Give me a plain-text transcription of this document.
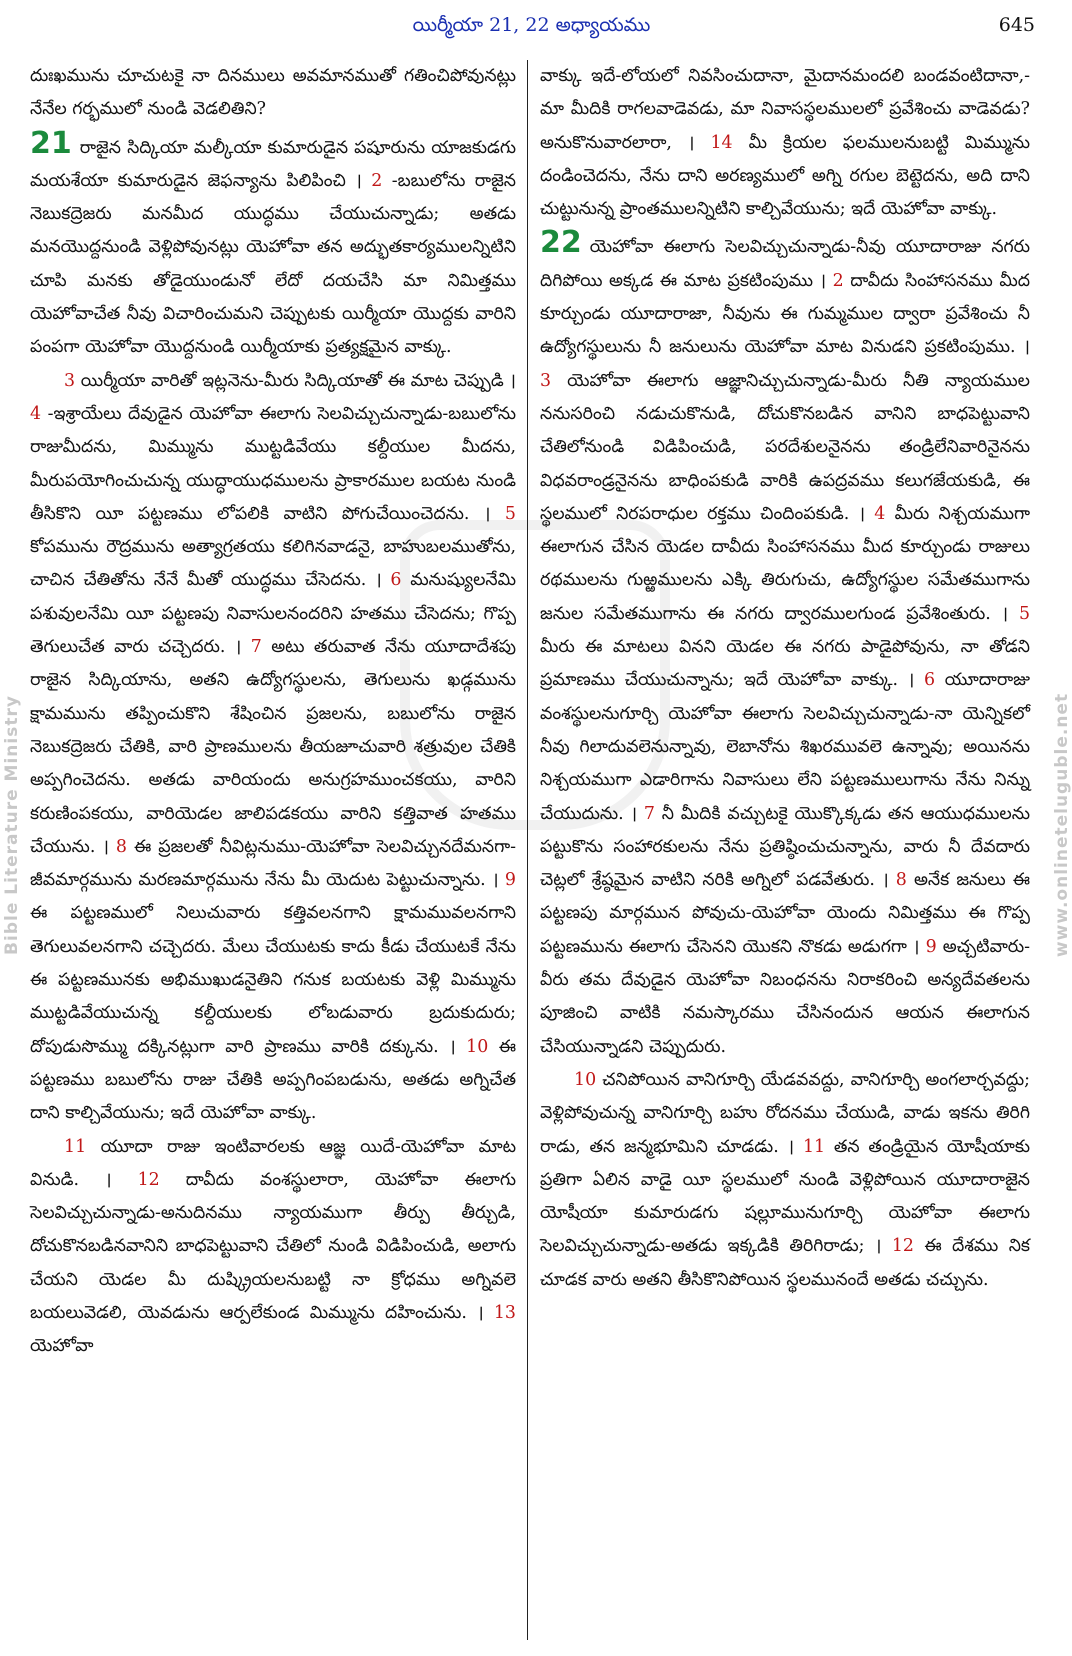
యిర్మీయా 21, 22 అధ్యాయము	645
Bible Literature Ministry	www.onlineteluguble.net

దుఃఖమును చూచుటకై నా దినములు అవమానముతో గతించిపోవునట్లు నేనేల గర్భములో నుండి వెడలితిని?

21 రాజైన సిద్కియా మల్కీయా కుమారుడైన పషూరును యాజకుడగు మయశేయా కుమారుడైన జెఫన్యాను పిలిపించి । 2 -బబులోను రాజైన నెబుకద్రెజరు మనమీద యుద్ధము చేయుచున్నాడు; అతడు మనయొద్దనుండి వెళ్లిపోవునట్లు యెహోవా తన అద్భుతకార్యములన్నిటిని చూపి మనకు తోడైయుండునో లేదో దయచేసి మా నిమిత్తము యెహోవాచేత నీవు విచారించుమని చెప్పుటకు యిర్మీయా యొద్దకు వారిని పంపగా యెహోవా యొద్దనుండి యిర్మీయాకు ప్రత్యక్షమైన వాక్కు.

3 యిర్మీయా వారితో ఇట్లనెను-మీరు సిద్కియాతో ఈ మాట చెప్పుడి । 4 -ఇశ్రాయేలు దేవుడైన యెహోవా ఈలాగు సెలవిచ్చుచున్నాడు-బబులోను రాజుమీదను, మిమ్మును ముట్టడివేయు కల్దీయుల మీదను, మీరుపయోగించుచున్న యుద్ధాయుధములను ప్రాకారముల బయట నుండి తీసికొని యీ పట్టణము లోపలికి వాటిని పోగుచేయించెదను. । 5 కోపమును రౌద్రమును అత్యాగ్రతయు కలిగినవాడనై, బాహుబలముతోను, చాచిన చేతితోను నేనే మీతో యుద్ధము చేసెదను. । 6 మనుష్యులనేమి పశువులనేమి యీ పట్టణపు నివాసులనందరిని హతము చేసెదను; గొప్ప తెగులుచేత వారు చచ్చెదరు. । 7 అటు తరువాత నేను యూదాదేశపు రాజైన సిద్కియాను, అతని ఉద్యోగస్థులను, తెగులును ఖడ్గమును క్షామమును తప్పించుకొని శేషించిన ప్రజలను, బబులోను రాజైన నెబుకద్రెజరు చేతికి, వారి ప్రాణములను తీయజూచువారి శత్రువుల చేతికి అప్పగించెదను. అతడు వారియందు అనుగ్రహముంచకయు, వారిని కరుణింపకయు, వారియెడల జాలిపడకయు వారిని కత్తివాత హతము చేయును. । 8 ఈ ప్రజలతో నీవిట్లనుము-యెహోవా సెలవిచ్చునదేమనగా-జీవమార్గమును మరణమార్గమును నేను మీ యెదుట పెట్టుచున్నాను. । 9 ఈ పట్టణములో నిలుచువారు కత్తివలనగాని క్షామమువలనగాని తెగులువలనగాని చచ్చెదరు. మేలు చేయుటకు కాదు కీడు చేయుటకే నేను ఈ పట్టణమునకు అభిముఖుడనైతిని గనుక బయటకు వెళ్లి మిమ్మును ముట్టడివేయుచున్న కల్దీయులకు లోబడువారు బ్రదుకుదురు; దోపుడుసొమ్ము దక్కినట్లుగా వారి ప్రాణము వారికి దక్కును. । 10 ఈ పట్టణము బబులోను రాజు చేతికి అప్పగింపబడును, అతడు అగ్నిచేత దాని కాల్చివేయును; ఇదే యెహోవా వాక్కు.

11 యూదా రాజు ఇంటివారలకు ఆజ్ఞ యిదే-యెహోవా మాట వినుడి. । 12 దావీదు వంశస్థులారా, యెహోవా ఈలాగు సెలవిచ్చుచున్నాడు-అనుదినము న్యాయముగా తీర్పు తీర్చుడి, దోచుకొనబడినవానిని బాధపెట్టువాని చేతిలో నుండి విడిపించుడి, అలాగు చేయని యెడల మీ దుష్క్రియలనుబట్టి నా క్రోధము అగ్నివలె బయలువెడలి, యెవడును ఆర్పలేకుండ మిమ్మును దహించును. । 13 యెహోవా

వాక్కు ఇదే-లోయలో నివసించుదానా, మైదానమందలి బండవంటిదానా,-మా మీదికి రాగలవాడెవడు, మా నివాసస్థలములలో ప్రవేశించు వాడెవడు? అనుకొనువారలారా, । 14 మీ క్రియల ఫలములనుబట్టి మిమ్మును దండించెదను, నేను దాని అరణ్యములో అగ్ని రగుల బెట్టెదను, అది దాని చుట్టునున్న ప్రాంతములన్నిటిని కాల్చివేయును; ఇదే యెహోవా వాక్కు.

22 యెహోవా ఈలాగు సెలవిచ్చుచున్నాడు-నీవు యూదారాజు నగరు దిగిపోయి అక్కడ ఈ మాట ప్రకటింపుము । 2 దావీదు సింహాసనము మీద కూర్చుండు యూదారాజా, నీవును ఈ గుమ్మముల ద్వారా ప్రవేశించు నీ ఉద్యోగస్థులును నీ జనులును యెహోవా మాట వినుడని ప్రకటింపుము. । 3 యెహోవా ఈలాగు ఆజ్ఞానిచ్చుచున్నాడు-మీరు నీతి న్యాయముల ననుసరించి నడుచుకొనుడి, దోచుకొనబడిన వానిని బాధపెట్టువాని చేతిలోనుండి విడిపించుడి, పరదేశులనైనను తండ్రిలేనివారినైనను విధవరాండ్రనైనను బాధింపకుడి వారికి ఉపద్రవము కలుగజేయకుడి, ఈ స్థలములో నిరపరాధుల రక్తము చిందింపకుడి. । 4 మీరు నిశ్చయముగా ఈలాగున చేసిన యెడల దావీదు సింహాసనము మీద కూర్చుండు రాజులు రథములను గుఱ్ఱములను ఎక్కి తిరుగుచు, ఉద్యోగస్థుల సమేతముగాను జనుల సమేతముగాను ఈ నగరు ద్వారములగుండ ప్రవేశింతురు. । 5 మీరు ఈ మాటలు వినని యెడల ఈ నగరు పాడైపోవును, నా తోడని ప్రమాణము చేయుచున్నాను; ఇదే యెహోవా వాక్కు. । 6 యూదారాజు వంశస్థులనుగూర్చి యెహోవా ఈలాగు సెలవిచ్చుచున్నాడు-నా యెన్నికలో నీవు గిలాదువలెనున్నావు, లెబానోను శిఖరమువలె ఉన్నావు; అయినను నిశ్చయముగా ఎడారిగాను నివాసులు లేని పట్టణములుగాను నేను నిన్ను చేయుదును. । 7 నీ మీదికి వచ్చుటకై యొక్కొక్కడు తన ఆయుధములను పట్టుకొను సంహారకులను నేను ప్రతిష్ఠించుచున్నాను, వారు నీ దేవదారు చెట్లలో శ్రేష్ఠమైన వాటిని నరికి అగ్నిలో పడవేతురు. । 8 అనేక జనులు ఈ పట్టణపు మార్గమున పోవుచు-యెహోవా యెందు నిమిత్తము ఈ గొప్ప పట్టణమును ఈలాగు చేసెనని యొకని నొకడు అడుగగా । 9 అచ్చటివారు-వీరు తమ దేవుడైన యెహోవా నిబంధనను నిరాకరించి అన్యదేవతలను పూజించి వాటికి నమస్కారము చేసినందున ఆయన ఈలాగున చేసియున్నాడని చెప్పుదురు.

10 చనిపోయిన వానిగూర్చి యేడవవద్దు, వానిగూర్చి అంగలార్చవద్దు; వెళ్లిపోవుచున్న వానిగూర్చి బహు రోదనము చేయుడి, వాడు ఇకను తిరిగి రాడు, తన జన్మభూమిని చూడడు. । 11 తన తండ్రియైన యోషీయాకు ప్రతిగా ఏలిన వాడై యీ స్థలములో నుండి వెళ్లిపోయిన యూదారాజైన యోషీయా కుమారుడగు షల్లూమునుగూర్చి యెహోవా ఈలాగు సెలవిచ్చుచున్నాడు-అతడు ఇక్కడికి తిరిగిరాడు; । 12 ఈ దేశము నిక చూడక వారు అతని తీసికొనిపోయిన స్థలమునందే అతడు చచ్చును.
